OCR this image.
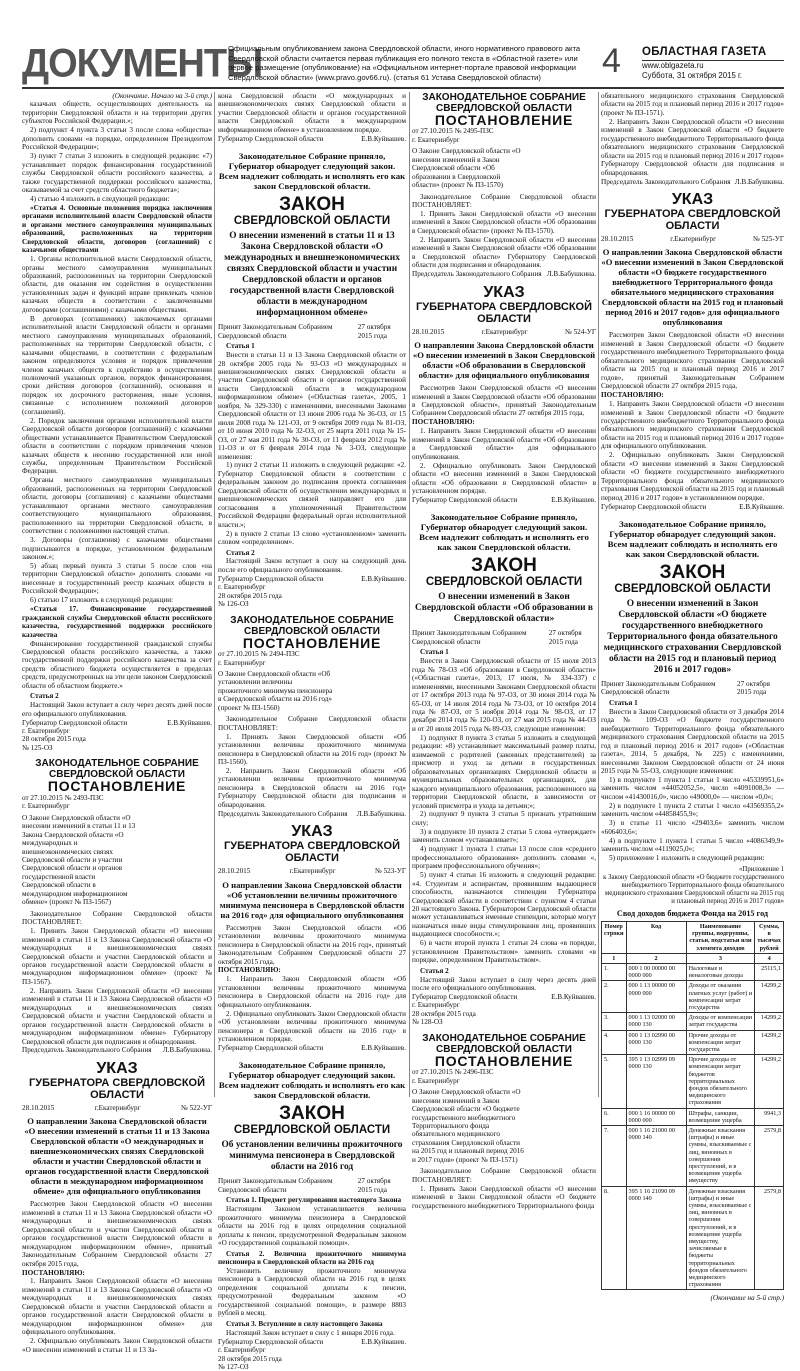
ДОКУМЕНТЫ
Официальным опубликованием закона Свердловской области, иного нормативного правового акта Свердловской области считается первая публикация его полного текста в «Областной газете» или первое размещение (опубликование) на «Официальном интернет-портале правовой информации Свердловской области» (www.pravo.gov66.ru). (статья 61 Устава Свердловской области)	4 ОБЛАСТНАЯ ГАЗЕТА
www.oblgazeta.ru
Суббота, 31 октября 2015 г.
(Окончание. Начало на 3-й стр.)

казачьих обществ, осуществляющих деятельность на территории Свердловской области и на территории других субъектов Российской Федерации.»;

2) подпункт 4 пункта 3 статьи 3 после слова «общества» дополнить словами «в порядке, определенном Президентом Российской Федерации»;

3) пункт 7 статьи 3 изложить в следующей редакции: «7) устанавливает порядок финансирования государственной службы Свердловской области российского казачества, а также государственной поддержки российского казачества, оказываемой за счет средств областного бюджета»;

4) статью 4 изложить в следующей редакции:

«Статья 4. Основные положения порядка заключения органами исполнительной власти Свердловской области и органами местного самоуправления муниципальных образований, расположенных на территории Свердловской области, договоров (соглашений) с казачьими обществами

1. Органы исполнительной власти Свердловской области, органы местного самоуправления муниципальных образований, расположенных на территории Свердловской области, для оказания им содействия в осуществлении установленных задач и функций вправе привлекать членов казачьих обществ в соответствии с заключенными договорами (соглашениями) с казачьими обществами.

В договорах (соглашениях) заключаемых органами исполнительной власти Свердловской области и органами местного самоуправления муниципальных образований, расположенных на территории Свердловской области, с казачьими обществами, в соответствии с федеральным законом определяются условия и порядок привлечения членов казачьих обществ к содействию в осуществлении полномочий указанных органов, порядок финансирования, сроки действия договоров (соглашений), основания и порядок их досрочного расторжения, иные условия, связанные с исполнением положений договоров (соглашений).

2. Порядок заключения органами исполнительной власти Свердловской области договоров (соглашений) с казачьими обществами устанавливается Правительством Свердловской области в соответствии с порядком привлечения членов казачьих обществ к несению государственной или иной службы, определенным Правительством Российской Федерации.

Органы местного самоуправления муниципальных образований, расположенных на территории Свердловской области, договоры (соглашения) с казачьими обществами устанавливают органами местного самоуправления соответствующего муниципального образования, расположенного на территории Свердловской области, в соответствии с положениями настоящей статьи.

3. Договоры (соглашения) с казачьими обществами подписываются в порядке, установленном федеральным законом.»;

5) абзац первый пункта 3 статьи 5 после слов «на территории Свердловской области» дополнить словами «и внесенные в государственный реестр казачьих обществ в Российской Федерации»;

6) статью 17 изложить в следующей редакции:

«Статья 17. Финансирование государственной гражданской службы Свердловской области российского казачества, государственной поддержки российского казачества

Финансирование государственной гражданской службы Свердловской области российского казачества, а также государственной поддержки российского казачества за счет средств областного бюджета осуществляется в пределах средств, предусмотренных на эти цели законом Свердловской области об областном бюджете.»

Статья 2

Настоящий Закон вступает в силу через десять дней после его официального опубликования.

Губернатор Свердловской области	Е.В.Куйвашев.
г. Екатеринбург
28 октября 2015 года
№ 125-ОЗ
ЗАКОНОДАТЕЛЬНОЕ СОБРАНИЕ СВЕРДЛОВСКОЙ ОБЛАСТИ
ПОСТАНОВЛЕНИЕ
от 27.10.2015 № 2493-ПЗС
г. Екатеринбург
О Законе Свердловской области «О внесении изменений в статьи 11 и 13 Закона Свердловской области «О международных и внешнеэкономических связях Свердловской области и участии Свердловской области и органов государственной власти Свердловской области в международном информационном обмене» (проект № ПЗ-1567)

Законодательное Собрание Свердловской области ПОСТАНОВЛЯЕТ:

1. Принять Закон Свердловской области «О внесении изменений в статьи 11 и 13 Закона Свердловской области «О международных и внешнеэкономических связях Свердловской области и участии Свердловской области и органов государственной власти Свердловской области в международном информационном обмене» (проект № ПЗ-1567).

2. Направить Закон Свердловской области «О внесении изменений в статьи 11 и 13 Закона Свердловской области «О международных и внешнеэкономических связях Свердловской области и участии Свердловской области и органов государственной власти Свердловской области в международном информационном обмене» Губернатору Свердловской области для подписания и обнародования.

Председатель Законодательного Собрания Л.В.Бабушкина.
УКАЗ
ГУБЕРНАТОРА СВЕРДЛОВСКОЙ ОБЛАСТИ
28.10.2015	г.Екатеринбург	№ 522-УГ
О направлении Закона Свердловской области «О внесении изменений в статьи 11 и 13 Закона Свердловской области «О международных и внешнеэкономических связях Свердловской области и участии Свердловской области и органов государственной власти Свердловской области в международном информационном обмене» для официального опубликования

Рассмотрев Закон Свердловской области «О внесении изменений в статьи 11 и 13 Закона Свердловской области «О международных и внешнеэкономических связях Свердловской области и участии Свердловской области и органов государственной власти Свердловской области в международном информационном обмене», принятый Законодательным Собранием Свердловской области 27 октября 2015 года,

ПОСТАНОВЛЯЮ:

1. Направить Закон Свердловской области «О внесении изменений в статьи 11 и 13 Закона Свердловской области «О международных и внешнеэкономических связях Свердловской области и участии Свердловской области и органов государственной власти Свердловской области в международном информационном обмене» для официального опубликования.

2. Официально опубликовать Закон Свердловской области «О внесении изменений в статьи 11 и 13 За-

кона Свердловской области «О международных и внешнеэкономических связях Свердловской области и участии Свердловской области и органов государственной власти Свердловской области в международном информационном обмене» в установленном порядке.

Губернатор Свердловской области	Е.В.Куйвашев.
Законодательное Собрание приняло, Губернатор обнародует следующий закон. Всем надлежит соблюдать и исполнять его как закон Свердловской области.
ЗАКОН
СВЕРДЛОВСКОЙ ОБЛАСТИ
О внесении изменений в статьи 11 и 13 Закона Свердловской области «О международных и внешнеэкономических связях Свердловской области и участии Свердловской области и органов государственной власти Свердловской области в международном информационном обмене»
Принят Законодательным Собранием Свердловской области
27 октября 2015 года

Статья 1

Внести в статьи 11 и 13 Закона Свердловской области от 28 октября 2005 года № 93-ОЗ «О международных и внешнеэкономических связях Свердловской области и участии Свердловской области и органов государственной власти Свердловской области в международном информационном обмене» («Областная газета», 2005, 1 ноября, № 329-330) с изменениями, внесенными Законами Свердловской области от 13 июня 2006 года № 36-ОЗ, от 15 июля 2008 года № 121-ОЗ, от 9 октября 2009 года № 81-ОЗ, от 10 июня 2010 года № 32-ОЗ, от 25 марта 2011 года № 15-ОЗ, от 27 мая 2011 года № 30-ОЗ, от 11 февраля 2012 года № 11-ОЗ и от 6 февраля 2014 года № 3-ОЗ, следующие изменения:

1) пункт 2 статьи 11 изложить в следующей редакции: «2. Губернатор Свердловской области в соответствии с федеральным законом до подписания проекта соглашения Свердловской области об осуществлении международных и внешнеэкономических связей направляет его для согласования в уполномоченный Правительством Российской Федерации федеральный орган исполнительной власти.»;

2) в пункте 2 статьи 13 слово «установленном» заменить словом «определенном».

Статья 2

Настоящий Закон вступает в силу на следующий день после его официального опубликования.

Губернатор Свердловской области	Е.В.Куйвашев.
г. Екатеринбург
28 октября 2015 года
№ 126-ОЗ
ЗАКОНОДАТЕЛЬНОЕ СОБРАНИЕ СВЕРДЛОВСКОЙ ОБЛАСТИ
ПОСТАНОВЛЕНИЕ
от 27.10.2015 № 2494-ПЗС
г. Екатеринбург
О Законе Свердловской области «Об установлении величины прожиточного минимума пенсионера в Свердловской области на 2016 год» (проект № ПЗ-1560)

Законодательное Собрание Свердловской области ПОСТАНОВЛЯЕТ:

1. Принять Закон Свердловской области «Об установлении величины прожиточного минимума пенсионера в Свердловской области на 2016 год» (проект № ПЗ-1560).

2. Направить Закон Свердловской области «Об установлении величины прожиточного минимума пенсионера в Свердловской области на 2016 год» Губернатору Свердловской области для подписания и обнародования.

Председатель Законодательного Собрания Л.В.Бабушкина.
УКАЗ
ГУБЕРНАТОРА СВЕРДЛОВСКОЙ ОБЛАСТИ
28.10.2015	г.Екатеринбург	№ 523-УГ
О направлении Закона Свердловской области «Об установлении величины прожиточного минимума пенсионера в Свердловской области на 2016 год» для официального опубликования

Рассмотрев Закон Свердловской области «Об установлении величины прожиточного минимума пенсионера в Свердловской области на 2016 год», принятый Законодательным Собранием Свердловской области 27 октября 2015 года,

ПОСТАНОВЛЯЮ:

1. Направить Закон Свердловской области «Об установлении величины прожиточного минимума пенсионера в Свердловской области на 2016 год» для официального опубликования.

2. Официально опубликовать Закон Свердловской области «Об установлении величины прожиточного минимума пенсионера в Свердловской области на 2016 год» в установленном порядке.

Губернатор Свердловской области	Е.В.Куйвашев.
Законодательное Собрание приняло, Губернатор обнародует следующий закон. Всем надлежит соблюдать и исполнять его как закон Свердловской области.
ЗАКОН
СВЕРДЛОВСКОЙ ОБЛАСТИ
Об установлении величины прожиточного минимума пенсионера в Свердловской области на 2016 год
Принят Законодательным Собранием Свердловской области
27 октября 2015 года

Статья 1. Предмет регулирования настоящего Закона

Настоящим Законом устанавливается величина прожиточного минимума пенсионера в Свердловской области на 2016 год в целях определения социальной доплаты к пенсии, предусмотренной Федеральным законом «О государственной социальной помощи».

Статья 2. Величина прожиточного минимума пенсионера в Свердловской области на 2016 год

Установить величину прожиточного минимума пенсионера в Свердловской области на 2016 год в целях определения социальной доплаты к пенсии, предусмотренной Федеральным законом «О государственной социальной помощи», в размере 8803 рублей в месяц.

Статья 3. Вступление в силу настоящего Закона

Настоящий Закон вступает в силу с 1 января 2016 года.

Губернатор Свердловской области	Е.В.Куйвашев.
г. Екатеринбург
28 октября 2015 года
№ 127-ОЗ
ЗАКОНОДАТЕЛЬНОЕ СОБРАНИЕ СВЕРДЛОВСКОЙ ОБЛАСТИ
ПОСТАНОВЛЕНИЕ
от 27.10.2015 № 2495-ПЗС
г. Екатеринбург
О Законе Свердловской области «О внесении изменений в Закон Свердловской области «Об образовании в Свердловской области» (проект № ПЗ-1570)

Законодательное Собрание Свердловской области ПОСТАНОВЛЯЕТ:

1. Принять Закон Свердловской области «О внесении изменений в Закон Свердловской области «Об образовании в Свердловской области» (проект № ПЗ-1570).

2. Направить Закон Свердловской области «О внесении изменений в Закон Свердловской области «Об образовании в Свердловской области» Губернатору Свердловской области для подписания и обнародования.

Председатель Законодательного Собрания Л.В.Бабушкина.
УКАЗ
ГУБЕРНАТОРА СВЕРДЛОВСКОЙ ОБЛАСТИ
28.10.2015	г.Екатеринбург	№ 524-УГ
О направлении Закона Свердловской области «О внесении изменений в Закон Свердловской области «Об образовании в Свердловской области» для официального опубликования

Рассмотрев Закон Свердловской области «О внесении изменений в Закон Свердловской области «Об образовании в Свердловской области», принятый Законодательным Собранием Свердловской области 27 октября 2015 года,

ПОСТАНОВЛЯЮ:

1. Направить Закон Свердловской области «О внесении изменений в Закон Свердловской области «Об образовании в Свердловской области» для официального опубликования.

2. Официально опубликовать Закон Свердловской области «О внесении изменений в Закон Свердловской области «Об образовании в Свердловской области» в установленном порядке.

Губернатор Свердловской области	Е.В.Куйвашев.
Законодательное Собрание приняло, Губернатор обнародует следующий закон. Всем надлежит соблюдать и исполнять его как закон Свердловской области.
ЗАКОН
СВЕРДЛОВСКОЙ ОБЛАСТИ
О внесении изменений в Закон Свердловской области «Об образовании в Свердловской области»
Принят Законодательным Собранием Свердловской области
27 октября 2015 года

Статья 1

Внести в Закон Свердловской области от 15 июля 2013 года № 78-ОЗ «Об образовании в Свердловской области» («Областная газета», 2013, 17 июля, № 334-337) с изменениями, внесенными Законами Свердловской области от 17 октября 2013 года № 97-ОЗ, от 30 июня 2014 года № 65-ОЗ, от 14 июля 2014 года № 73-ОЗ, от 10 октября 2014 года № 87-ОЗ, от 5 ноября 2014 года № 98-ОЗ, от 17 декабря 2014 года № 120-ОЗ, от 27 мая 2015 года № 44-ОЗ и от 20 июля 2015 года № 89-ОЗ, следующие изменения:

1) подпункт 8 пункта 3 статьи 5 изложить в следующей редакции: «8) устанавливает максимальный размер платы, взимаемой с родителей (законных представителей) за присмотр и уход за детьми в государственных образовательных организациях Свердловской области и муниципальных образовательных организациях, для каждого муниципального образования, расположенного на территории Свердловской области, в зависимости от условий присмотра и ухода за детьми;»;

2) подпункт 9 пункта 3 статьи 5 признать утратившим силу;

3) в подпункте 10 пункта 2 статьи 5 слова «утверждает» заменить словом «устанавливает»;

4) подпункт 1 пункта 1 статьи 13 после слов «среднего профессионального образования» дополнить словами «, программ профессионального обучения»;

5) пункт 4 статьи 16 изложить в следующей редакции: «4. Студентам и аспирантам, проявившим выдающиеся способности, назначаются стипендии Губернатора Свердловской области в соответствии с пунктом 4 статьи 20 настоящего Закона. Губернатором Свердловской области может устанавливаться именные стипендии, которые могут назначаться иные виды стимулирования лиц, проявивших выдающиеся способности.»;

6) в части второй пункта 1 статьи 24 слова «в порядке, установленном Правительством» заменить словами «в порядке, определенном Правительством».

Статья 2

Настоящий Закон вступает в силу через десять дней после его официального опубликования.

Губернатор Свердловской области	Е.В.Куйвашев.
г. Екатеринбург
28 октября 2015 года
№ 128-ОЗ
ЗАКОНОДАТЕЛЬНОЕ СОБРАНИЕ СВЕРДЛОВСКОЙ ОБЛАСТИ
ПОСТАНОВЛЕНИЕ
от 27.10.2015 № 2496-ПЗС
г. Екатеринбург
О Законе Свердловской области «О внесении изменений в Закон Свердловской области «О бюджете государственного внебюджетного Территориального фонда обязательного медицинского страхования Свердловской области на 2015 год и плановый период 2016 и 2017 годов» (проект № ПЗ-1571)

Законодательное Собрание Свердловской области ПОСТАНОВЛЯЕТ:

1. Принять Закон Свердловской области «О внесении изменений в Закон Свердловской области «О бюджете государственного внебюджетного Территориального фонда

обязательного медицинского страхования Свердловской области на 2015 год и плановый период 2016 и 2017 годов» (проект № ПЗ-1571).

2. Направить Закон Свердловской области «О внесении изменений в Закон Свердловской области «О бюджете государственного внебюджетного Территориального фонда обязательного медицинского страхования Свердловской области на 2015 год и плановый период 2016 и 2017 годов» Губернатору Свердловской области для подписания и обнародования.

Председатель Законодательного Собрания Л.В.Бабушкина.
УКАЗ
ГУБЕРНАТОРА СВЕРДЛОВСКОЙ ОБЛАСТИ
28.10.2015	г.Екатеринбург	№ 525-УГ
О направлении Закона Свердловской области «О внесении изменений в Закон Свердловской области «О бюджете государственного внебюджетного Территориального фонда обязательного медицинского страхования Свердловской области на 2015 год и плановый период 2016 и 2017 годов» для официального опубликования

Рассмотрев Закон Свердловской области «О внесении изменений в Закон Свердловской области «О бюджете государственного внебюджетного Территориального фонда обязательного медицинского страхования Свердловской области на 2015 год и плановый период 2016 и 2017 годов», принятый Законодательным Собранием Свердловской области 27 октября 2015 года,

ПОСТАНОВЛЯЮ:

1. Направить Закон Свердловской области «О внесении изменений в Закон Свердловской области «О бюджете государственного внебюджетного Территориального фонда обязательного медицинского страхования Свердловской области на 2015 год и плановый период 2016 и 2017 годов» для официального опубликования.

2. Официально опубликовать Закон Свердловской области «О внесении изменений в Закон Свердловской области «О бюджете государственного внебюджетного Территориального фонда обязательного медицинского страхования Свердловской области на 2015 год и плановый период 2016 и 2017 годов» в установленном порядке.

Губернатор Свердловской области	Е.В.Куйвашев.
Законодательное Собрание приняло, Губернатор обнародует следующий закон. Всем надлежит соблюдать и исполнять его как закон Свердловской области.
ЗАКОН
СВЕРДЛОВСКОЙ ОБЛАСТИ
О внесении изменений в Закон Свердловской области «О бюджете государственного внебюджетного Территориального фонда обязательного медицинского страхования Свердловской области на 2015 год и плановый период 2016 и 2017 годов»
Принят Законодательным Собранием Свердловской области
27 октября 2015 года

Статья 1

Внести в Закон Свердловской области от 3 декабря 2014 года № 109-ОЗ «О бюджете государственного внебюджетного Территориального фонда обязательного медицинского страхования Свердловской области на 2015 год и плановый период 2016 и 2017 годов» («Областная газета», 2014, 5 декабря, № 225) с изменениями, внесенными Законом Свердловской области от 24 июня 2015 года № 55-ОЗ, следующие изменения:

1) в подпункте 1 пункта 1 статьи 1 число «45339951,6» заменить числом «44052052,5», число «4091008,3» — числом «41430016,0», число «49000,0» — числом «0,0»;

2) в подпункте 1 пункта 2 статьи 1 число «43569355,2» заменить числом «44858455,9»;

3) в статье 11 число «29403,6» заменить числом «606403,6»;

4) в подпункте 1 пункта 1 статьи 5 число «4086349,9» заменить числом «4119025,0»;

5) приложение 1 изложить в следующей редакции:

«Приложение 1
к Закону Свердловской области «О бюджете государственного внебюджетного Территориального фонда обязательного медицинского страхования Свердловской области на 2015 год и плановый период 2016 и 2017 годов»
Свод доходов бюджета Фонда на 2015 год
Номер строки	Код	Наименование группы, подгруппы, статьи, подстатьи или элемента доходов	Сумма, в тысячах рублей
1	2	3	4
1.	000 1 00 00000 00 0000 000	Налоговые и неналоговые доходы	25115,1
2.	000 1 13 00000 00 0000 000	Доходы от оказания платных услуг (работ) и компенсации затрат государства	14299,2
3.	000 1 13 02000 00 0000 130	Доходы от компенсации затрат государства	14299,2
4.	000 1 13 02990 00 0000 130	Прочие доходы от компенсации затрат государства	14299,2
5.	395 1 13 02999 09 0000 130	Прочие доходы от компенсации затрат бюджетов территориальных фондов обязательного медицинского страхования	14299,2
6.	000 1 16 00000 00 0000 000	Штрафы, санкции, возмещение ущерба	9941,3
7.	000 1 16 21000 00 0000 140	Денежные взыскания (штрафы) и иные суммы, взыскиваемые с лиц, виновных в совершении преступлений, и в возмещение ущерба имуществу	2579,8
8.	395 1 16 21090 09 0000 140	Денежные взыскания (штрафы) и иные суммы, взыскиваемые с лиц, виновных в совершении преступлений, и в возмещение ущерба имуществу, зачисляемые в бюджеты территориальных фондов обязательного медицинского страхования	2579,8
(Окончание на 5-й стр.)
